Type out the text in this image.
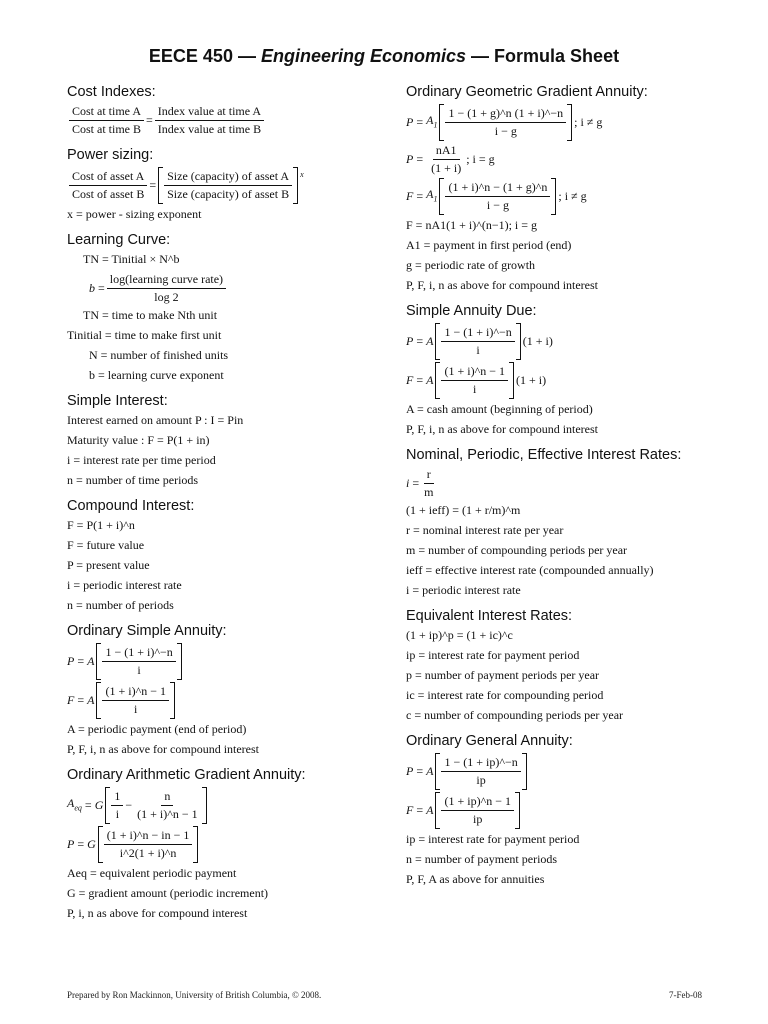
EECE 450 — Engineering Economics — Formula Sheet
Cost Indexes:
$\frac{\text{Cost at time A}}{\text{Cost at time B}} = \frac{\text{Index value at time A}}{\text{Index value at time B}}$
Power sizing:
$\frac{\text{Cost of asset A}}{\text{Cost of asset B}} = \frac{\text{Size (capacity) of asset A}}{\text{Size (capacity) of asset B}} ^x$
x = power - sizing exponent
Learning Curve:
TN = Tinitial × N^b
$b = \frac{\text{log(learning curve rate)}}{\log 2}$
TN = time to make Nth unit
Tinitial = time to make first unit
N = number of finished units
b = learning curve exponent
Simple Interest:
Interest earned on amount P : I = Pin
Maturity value : F = P(1 + in)
i = interest rate per time period
n = number of time periods
Compound Interest:
F = P(1 + i)^n
F = future value
P = present value
i = periodic interest rate
n = number of periods
Ordinary Simple Annuity:
P = A $\frac{1 - (1 + i)\^{}-n}{i}$
F = A $\frac{(1 + i)\^{}n - 1}{i}$
A = periodic payment (end of period)
P, F, i, n as above for compound interest
Ordinary Arithmetic Gradient Annuity:
$A_{eq} = G \frac{1}{i} - \frac{n}{(1 + i)\^{}n - 1}$
P = G $\frac{(1 + i)\^{}n - in - 1}{i\^{}2(1 + i)\^{}n}$
Aeq = equivalent periodic payment
G = gradient amount (periodic increment)
P, i, n as above for compound interest
Ordinary Geometric Gradient Annuity:
$P = A_1 \frac{1 - (1 + g)\^{}n (1 + i)\^{}-n}{i - g}$ ; i ≠ g
$P = \frac{nA1}{(1 + i)}$ ; i = g
$F = A_1 \frac{(1 + i)\^{}n - (1 + g)\^{}n}{i - g}$ ; i ≠ g
F = nA1(1 + i)^(n−1); i = g
A1 = payment in first period (end)
g = periodic rate of growth
P, F, i, n as above for compound interest
Simple Annuity Due:
P = A $\frac{1 - (1 + i)\^{}-n}{i} (1 + i)$
F = A $\frac{(1 + i)\^{}n - 1}{i} (1 + i)$
A = cash amount (beginning of period)
P, F, i, n as above for compound interest
Nominal, Periodic, Effective Interest Rates:
$i = \frac{r}{m}$
(1 + ieff) = (1 + r/m)^m
r = nominal interest rate per year
m = number of compounding periods per year
ieff = effective interest rate (compounded annually)
i = periodic interest rate
Equivalent Interest Rates:
(1 + ip)^p = (1 + ic)^c
ip = interest rate for payment period
p = number of payment periods per year
ic = interest rate for compounding period
c = number of compounding periods per year
Ordinary General Annuity:
P = A $\frac{1 - (1 + ip)\^{}-n}{ip}$
F = A $\frac{(1 + ip)\^{}n - 1}{ip}$
ip = interest rate for payment period
n = number of payment periods
P, F, A as above for annuities
Prepared by Ron Mackinnon, University of British Columbia, © 2008.	7-Feb-08
